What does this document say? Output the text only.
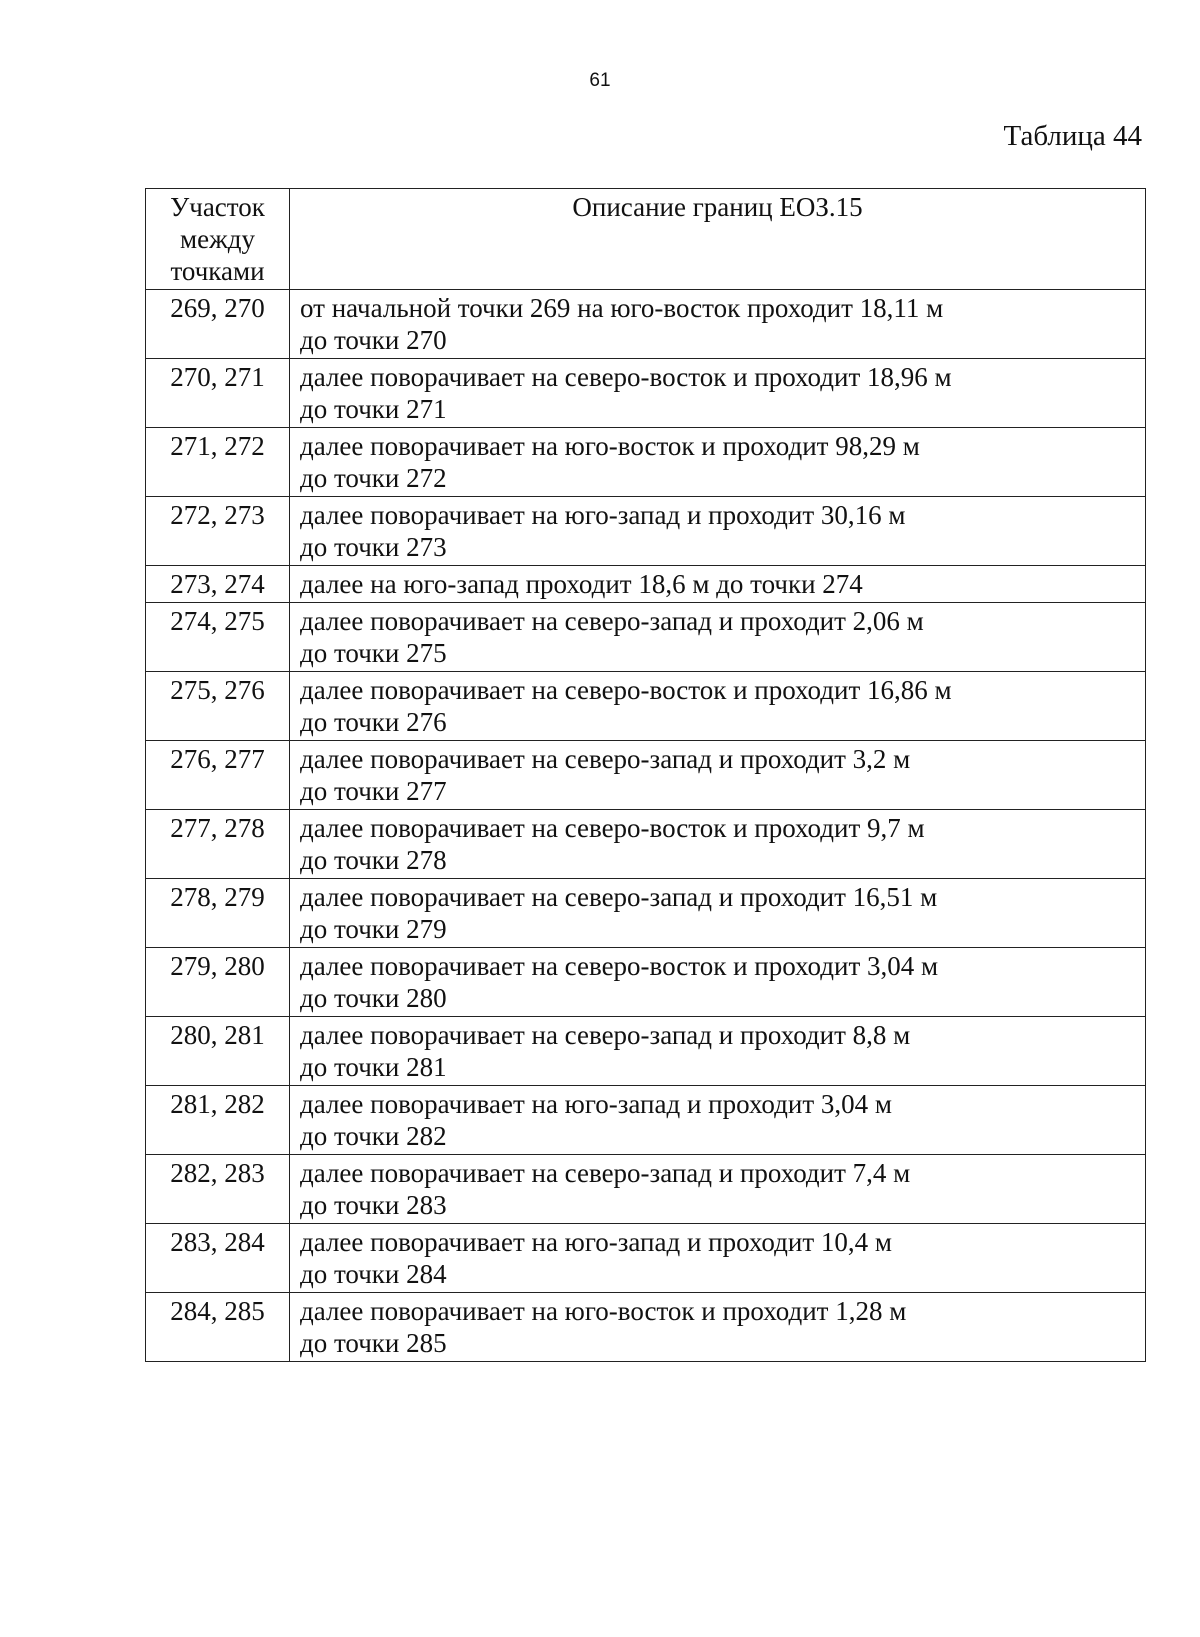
61
Таблица 44
Участок
между
точками	Описание границ ЕОЗ.15
269, 270	от начальной точки 269 на юго-восток проходит 18,11 м
до точки 270

270, 271	далее поворачивает на северо-восток и проходит 18,96 м
до точки 271

271, 272	далее поворачивает на юго-восток и проходит 98,29 м
до точки 272

272, 273	далее поворачивает на юго-запад и проходит 30,16 м
до точки 273

273, 274	далее на юго-запад проходит 18,6 м до точки 274

274, 275	далее поворачивает на северо-запад и проходит 2,06 м
до точки 275

275, 276	далее поворачивает на северо-восток и проходит 16,86 м
до точки 276

276, 277	далее поворачивает на северо-запад и проходит 3,2 м
до точки 277

277, 278	далее поворачивает на северо-восток и проходит 9,7 м
до точки 278

278, 279	далее поворачивает на северо-запад и проходит 16,51 м
до точки 279

279, 280	далее поворачивает на северо-восток и проходит 3,04 м
до точки 280

280, 281	далее поворачивает на северо-запад и проходит 8,8 м
до точки 281

281, 282	далее поворачивает на юго-запад и проходит 3,04 м
до точки 282

282, 283	далее поворачивает на северо-запад и проходит 7,4 м
до точки 283

283, 284	далее поворачивает на юго-запад и проходит 10,4 м
до точки 284

284, 285	далее поворачивает на юго-восток и проходит 1,28 м
до точки 285
